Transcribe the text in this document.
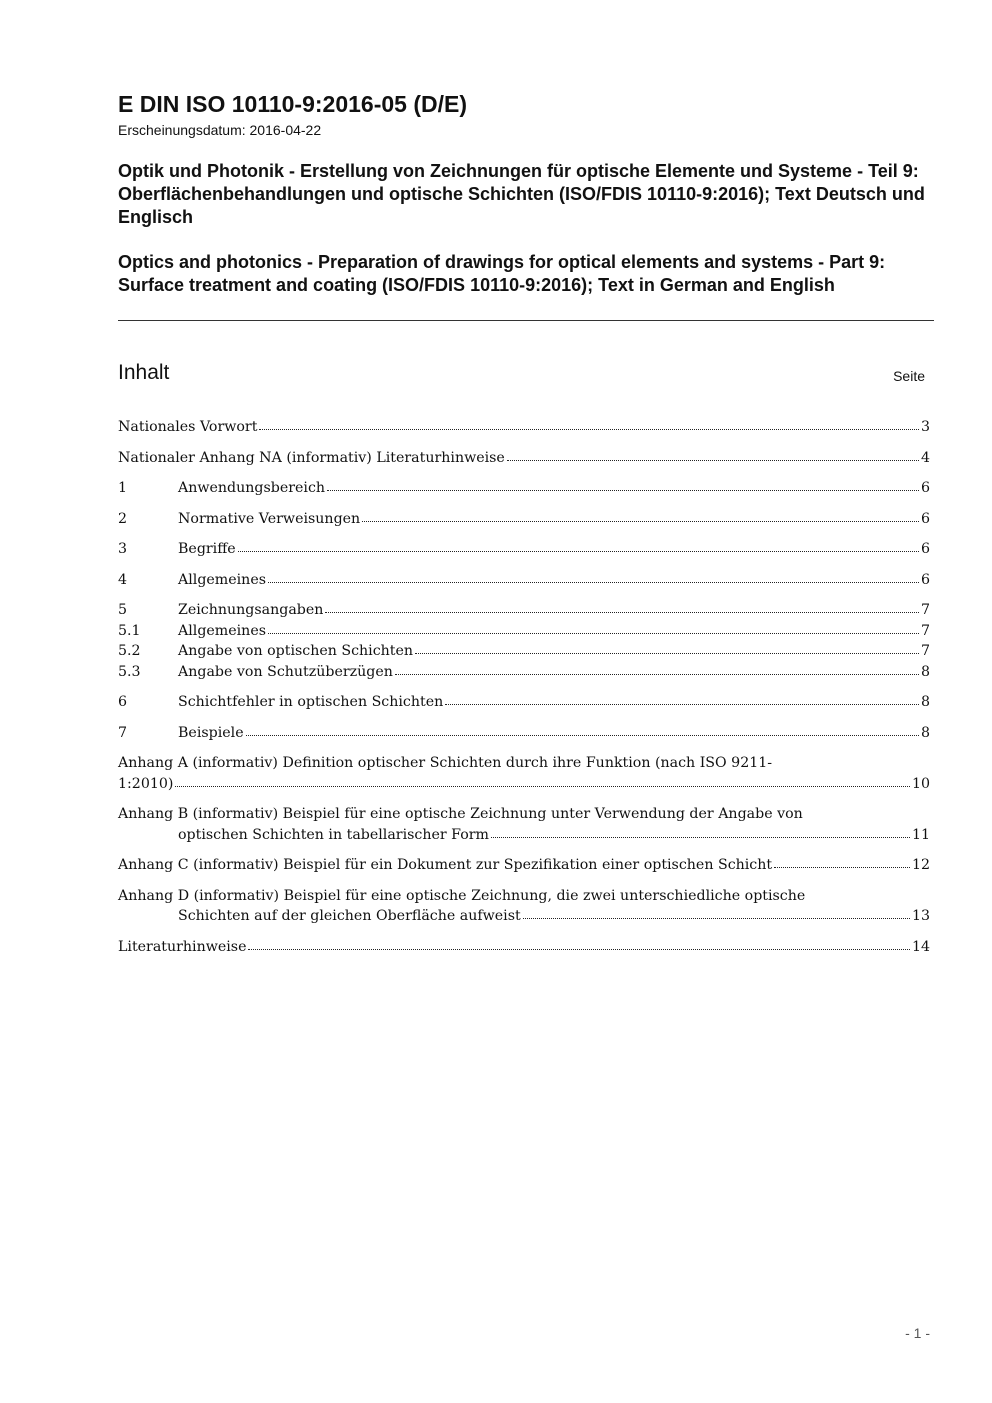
E DIN ISO 10110-9:2016-05 (D/E)
Erscheinungsdatum: 2016-04-22
Optik und Photonik - Erstellung von Zeichnungen für optische Elemente und Systeme - Teil 9: Oberflächenbehandlungen und optische Schichten (ISO/FDIS 10110-9:2016); Text Deutsch und Englisch
Optics and photonics - Preparation of drawings for optical elements and systems - Part 9: Surface treatment and coating (ISO/FDIS 10110-9:2016); Text in German and English
Inhalt	Seite
Nationales Vorwort	3
Nationaler Anhang NA (informativ) Literaturhinweise	4
1	Anwendungsbereich	6
2	Normative Verweisungen	6
3	Begriffe	6
4	Allgemeines	6
5	Zeichnungsangaben	7
5.1	Allgemeines	7
5.2	Angabe von optischen Schichten	7
5.3	Angabe von Schutzüberzügen	8
6	Schichtfehler in optischen Schichten	8
7	Beispiele	8
Anhang A (informativ) Definition optischer Schichten durch ihre Funktion (nach ISO 9211-
1:2010)	10
Anhang B (informativ) Beispiel für eine optische Zeichnung unter Verwendung der Angabe von
optischen Schichten in tabellarischer Form	11
Anhang C (informativ) Beispiel für ein Dokument zur Spezifikation einer optischen Schicht	12
Anhang D (informativ) Beispiel für eine optische Zeichnung, die zwei unterschiedliche optische
Schichten auf der gleichen Oberfläche aufweist	13
Literaturhinweise	14
- 1 -
